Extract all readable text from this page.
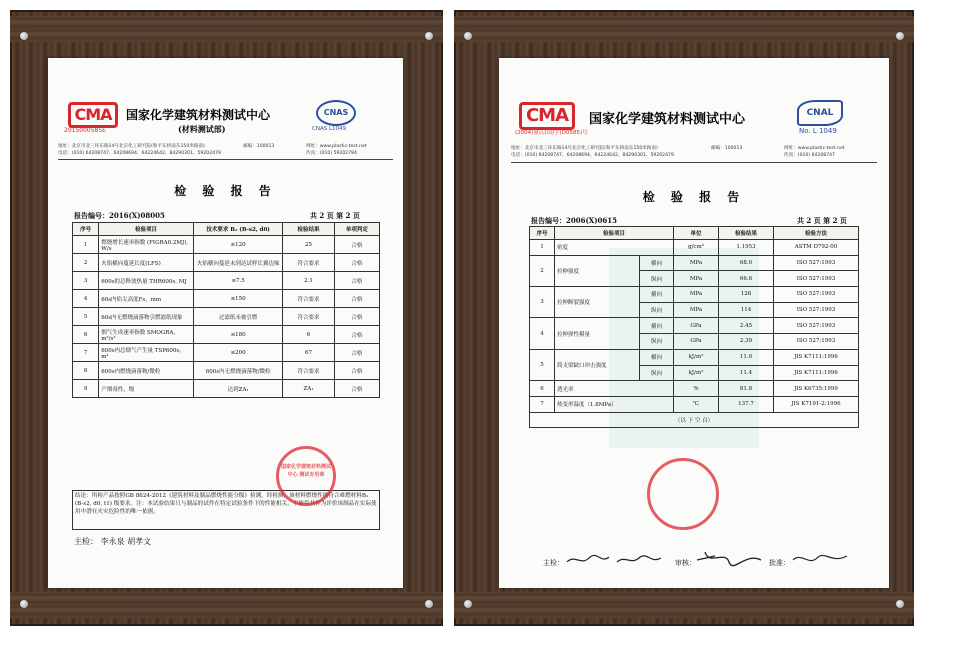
CMA
2015000585E
国家化学建筑材料测试中心
(材料测试部)
CNAS
CNAS L1049
地址：北京市北三环东路14号北京化工研究院(和平东桥南东150米路南)	邮编：100013	网址：www.plastic-test.net
电话：(010) 64208747、64208694、64224642、84290301、59202479	传真：(010) 59202784
检 验 报 告
报告编号：2016(X)08005	共 2 页 第 2 页
序号	检验项目	技术要求 B₁ (B-s2, d0)	检验结果	单项判定
1	燃烧增长速率指数 (FIGRA0.2MJ), W/s	≤120	25	合格
2	火焰横向蔓延长度(LFS)	火焰横向蔓延未到达试样长翼边缘	符合要求	合格
3	600s的总释放热量 THR600s, MJ	≤7.5	2.1	合格
4	60s内焰尖高度Fs，mm	≤150	符合要求	合格
5	60s内无燃烧滴落物引燃滤纸现象	过滤纸未被引燃	符合要求	合格
6	烟气生成速率指数 SMOGRA，m²/s²	≤180	6	合格
7	600s内总烟气产生量 TSP600s，m²	≤200	67	合格
8	600s内燃烧滴落物/微粒	600s内无燃烧滴落物/微粒	符合要求	合格
9	产烟毒性，级	达到ZA₁	ZA₁	合格
结论：所检产品按照GB 8624-2012《建筑材料及制品燃烧性能分级》检测，经检测，该材料燃烧性能符合难燃材料B₁ (B-s2, d0, t1) 级要求。注：本试验结果只与制品的试件在特定试验条件下的性能相关，不能将其作为评价该制品在实际使用中潜在火灾危险性的唯一依据。
主检： 李永泉 胡孝文
国家化学建筑材料测试中心 测试专用章
CMA
(2004)量认(国)字(D0585)号
国家化学建筑材料测试中心	CNAL
No. L 1049
地址：北京市北三环东路14号北京化工研究院(和平东桥南东150米路南)	邮编：100013	网址：www.plastic-test.net
电话：(010) 64208747、64208694、64224642、84290301、59202479	传真：(010) 64208747
检 验 报 告
报告编号：2006(X)0615	共 2 页 第 2 页
序号	检验项目		单位	检验结果	检验方法
1	密度		g/cm³	1.1953	ASTM D792-00
2	拉伸强度	横向	MPa	68.0	ISO 527:1993
		纵向	MPa	66.6	ISO 527:1993
3	拉伸断裂强度	横向	MPa	126	ISO 527:1993
		纵向	MPa	114	ISO 527:1993
4	拉伸弹性模量	横向	GPa	2.45	ISO 527:1993
		纵向	GPa	2.39	ISO 527:1993
5	简支梁缺口冲击强度	横向	kJ/m²	11.0	JIS K7111:1996
		纵向	kJ/m²	11.4	JIS K7111:1996
6	透光率		%	81.8	JIS K6735:1999
7	热变形温度（1.8MPa）		℃	137.7	JIS K7191-2:1996
（以 下 空 白）					
主检：	审核：	批准：
